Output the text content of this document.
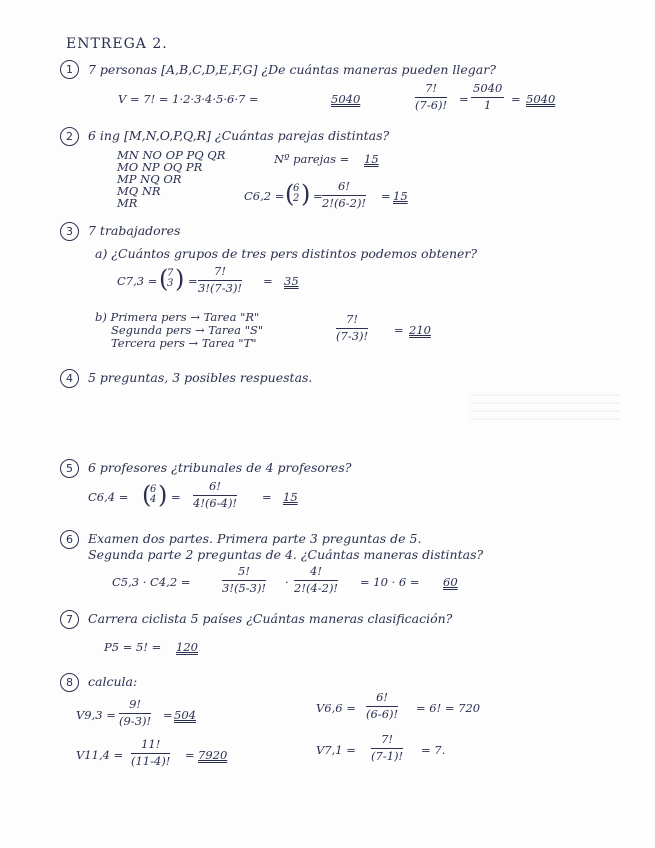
ENTREGA 2.
1	7 personas [A,B,C,D,E,F,G] ¿De cuántas maneras pueden llegar?
V = 7! = 1·2·3·4·5·6·7 =	5040	$\frac{7!}{(7-6)!} = \frac{5040}{1} = 5040$
2	6 ing [M,N,O,P,Q,R] ¿Cuántas parejas distintas?
MN NO OP PQ QR
MO NP OQ PR
MP NQ OR
MQ NR
MR
Nº parejas = 15
C6,2 = (
6
2 ) = $\frac{6!}{2!(6-2)!} = 15$
3	7 trabajadores
a) ¿Cuántos grupos de tres pers distintos podemos obtener?
C7,3 = (
7
3 ) = $\frac{7!}{3!(7-3)!} = 35$
b) Primera pers → Tarea "R"
Segunda pers → Tarea "S"
Tercera pers → Tarea "T"
$\frac{7!}{(7-3)!} = 210$
4	5 preguntas, 3 posibles respuestas.
5	6 profesores ¿tribunales de 4 profesores?
C6,4 = (
6
4 ) = $\frac{6!}{4!(6-4)!} = 15$
6	Examen dos partes. Primera parte 3 preguntas de 5.
Segunda parte 2 preguntas de 4. ¿Cuántas maneras distintas?
C5,3 · C4,2 =	$\frac{5!}{3!(5-3)!} \cdot \frac{4!}{2!(4-2)!} = 10 \cdot 6 = 60$
7	Carrera ciclista 5 países ¿Cuántas maneras clasificación?
P5 = 5! = 120
8	calcula:
$V9,3 = \frac{9!}{(9-3)!} = 504$	$V6,6 = \frac{6!}{(6-6)!} = 6$! = 720
$V11,4 = \frac{11!}{(11-4)!} = 7920$	$V7,1 = \frac{7!}{(7-1)!} = 7$.
